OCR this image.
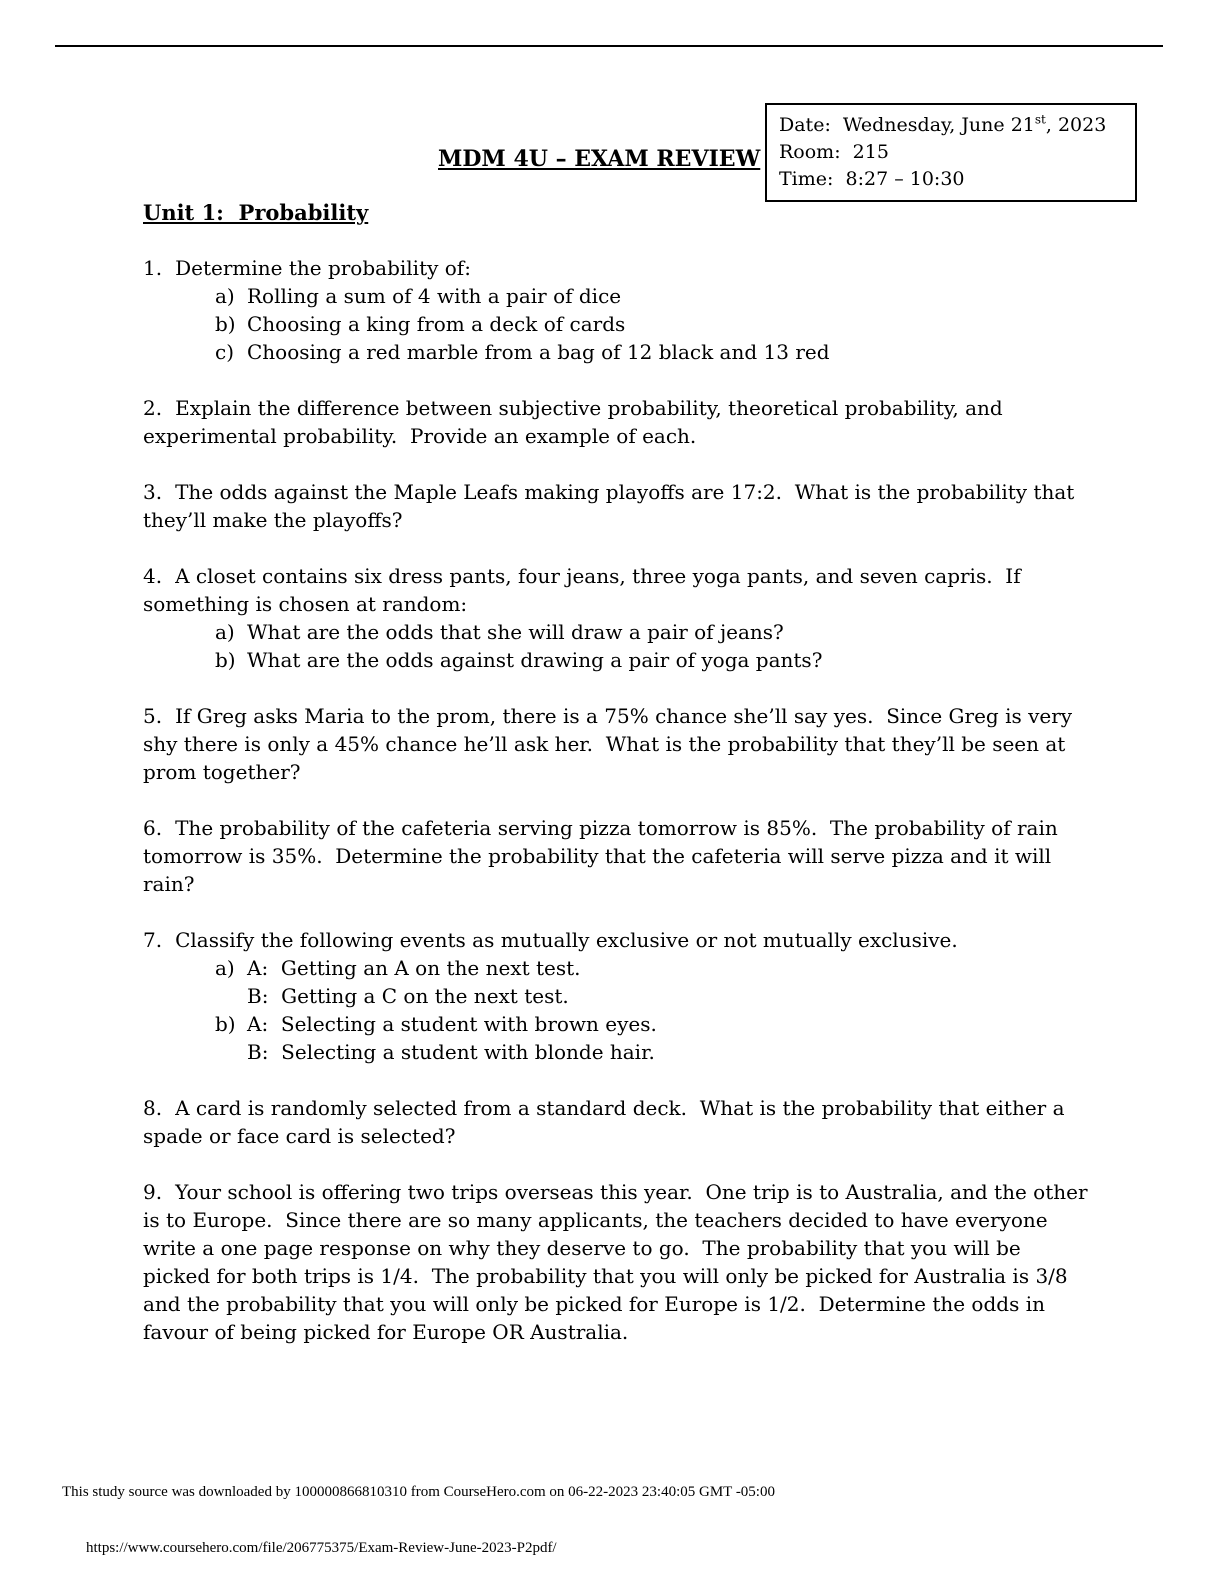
MDM 4U – EXAM REVIEW
Date:  Wednesday, June 21st, 2023
Room:  215
Time:  8:27 – 10:30
Unit 1:  Probability

1. Determine the probability of:

a) Rolling a sum of 4 with a pair of dice
b) Choosing a king from a deck of cards
c) Choosing a red marble from a bag of 12 black and 13 red

2. Explain the difference between subjective probability, theoretical probability, and experimental probability.  Provide an example of each.

3. The odds against the Maple Leafs making playoffs are 17:2.  What is the probability that they’ll make the playoffs?

4. A closet contains six dress pants, four jeans, three yoga pants, and seven capris.  If something is chosen at random:

a) What are the odds that she will draw a pair of jeans?
b) What are the odds against drawing a pair of yoga pants?

5. If Greg asks Maria to the prom, there is a 75% chance she’ll say yes.  Since Greg is very shy there is only a 45% chance he’ll ask her.  What is the probability that they’ll be seen at prom together?

6. The probability of the cafeteria serving pizza tomorrow is 85%.  The probability of rain tomorrow is 35%.  Determine the probability that the cafeteria will serve pizza and it will rain?

7. Classify the following events as mutually exclusive or not mutually exclusive.

a) A:  Getting an A on the next test.
B:  Getting a C on the next test.
b) A:  Selecting a student with brown eyes.
B:  Selecting a student with blonde hair.

8. A card is randomly selected from a standard deck.  What is the probability that either a spade or face card is selected?

9. Your school is offering two trips overseas this year.  One trip is to Australia, and the other is to Europe.  Since there are so many applicants, the teachers decided to have everyone write a one page response on why they deserve to go.  The probability that you will be picked for both trips is 1/4.  The probability that you will only be picked for Australia is 3/8 and the probability that you will only be picked for Europe is 1/2.  Determine the odds in favour of being picked for Europe OR Australia.

This study source was downloaded by 100000866810310 from CourseHero.com on 06-22-2023 23:40:05 GMT -05:00
https://www.coursehero.com/file/206775375/Exam-Review-June-2023-P2pdf/
